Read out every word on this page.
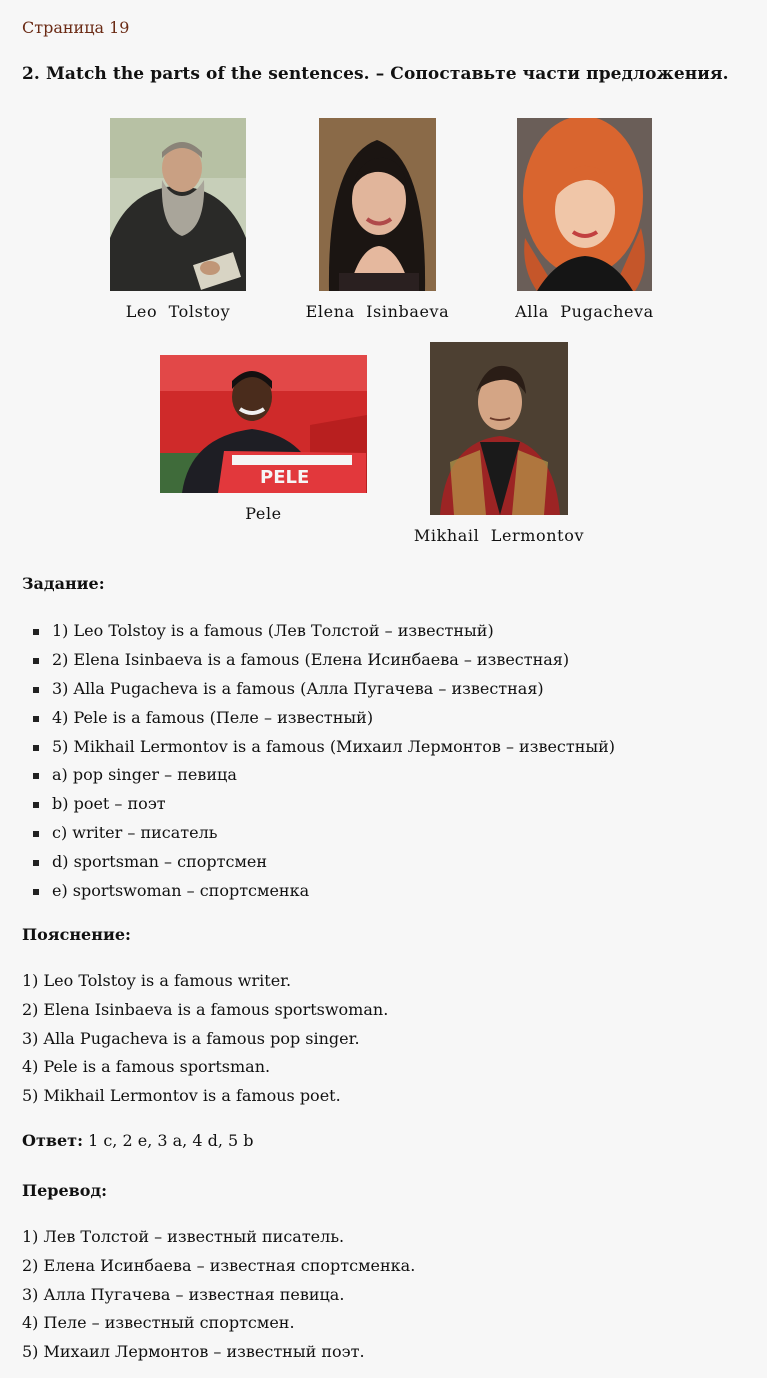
Страница 19
2. Match the parts of the sentences. – Сопоставьте части предложения.
Leo  Tolstoy	Elena  Isinbaeva	Alla  Pugacheva
PELE
Pele
Mikhail  Lermontov
Задание:
1) Leo Tolstoy is a famous (Лев Толстой – известный)
2) Elena Isinbaeva is a famous (Елена Исинбаева – известная)
3) Alla Pugacheva is a famous (Алла Пугачева – известная)
4) Pele is a famous (Пеле – известный)
5) Mikhail Lermontov is a famous (Михаил Лермонтов – известный)
a) pop singer – певица
b) poet – поэт
c) writer – писатель
d) sportsman – спортсмен
e) sportswoman – спортсменка
Пояснение:
1) Leo Tolstoy is a famous writer.
2) Elena Isinbaeva is a famous sportswoman.
3) Alla Pugacheva is a famous pop singer.
4) Pele is a famous sportsman.
5) Mikhail Lermontov is a famous poet.
Ответ: 1 c, 2 e, 3 a, 4 d, 5 b
Перевод:
1) Лев Толстой – известный писатель.
2) Елена Исинбаева – известная спортсменка.
3) Алла Пугачева – известная певица.
4) Пеле – известный спортсмен.
5) Михаил Лермонтов – известный поэт.
